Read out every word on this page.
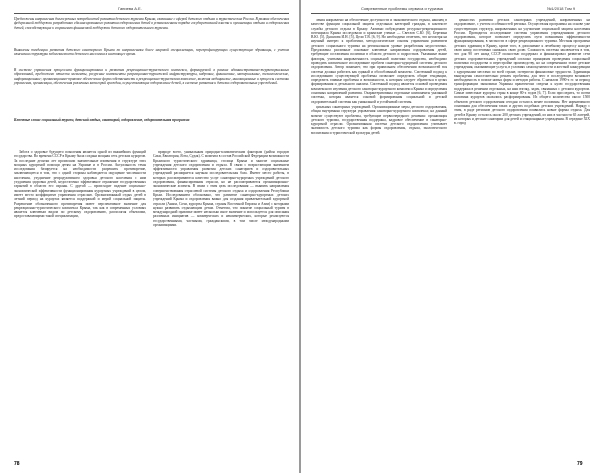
Ганиева А.Е.
Предложены направления долгосрочных потребностей развития детского туризма Крыма, связанные с сферой детского отдыха и туристических Россия. В рамках обеспечения федеральной поддержки разработано сбалансированного развития оздоровления детей в установленном порядке государственной власти и организации отдыха и оздоровления детей, способствующих к сохранению финансовой поддержки детского оздоровительного туризма.
Выявлены тенденции развития детского санаторного Крыма по направлениям более широкой специализации, перепрофилирующих существующие здравницы, с учетом изменения структуры заболеваемости детского населения в настоящее время.
В системе управления процессами функционирования и развития рекреационно-туристского комплекса, формируемой в рамках административно-территориальных образований, предложено отнести элементы, ресурсные компоненты рекреационно-туристской инфраструктуры, кадровые, финансовые, материальные, технологические, информационные; организационно-правовое обеспечение форм собственности в рекреационно-туристском комплексе, включая медицинские, инновационные и процессы системы управления, организации, обеспечения различных категорий граждан, осуществляющих оздоровление детей, в системе развития и детских оздоровительных учреждений.
Ключевые слова: социальный туризм, детский отдых, санаторий, оздоровление, оздоровительная программа

Забота о здоровье будущего поколения является одной из важнейших функций государства. Во времена СССР в Крыму была создана мощная сеть детских курортов. За последние десятки лет произошли значительные изменения в структуре этих мощных курортной помощи детям на Украине и в России. Актуальность темы исследования базируется на необходимости разрешить противоречие, заключающееся в том, что с одной стороны наблюдается ощущение численности населения, ухудшение репродуктивного здоровья детского населения с ним ухудшения здоровья детей, недостаточно эффективное отражение государственных гарантий в области его охраны. С другой — происходит падение социально-экономической эффективности функционирования курортных учреждений в целом, имеет место коэффициент управления отраслью. Организованный отдых детей в летний период на курортах является поддержкой и мерой социальной защиты. Разрешение обозначенного противоречия имеет перспективное значение для рекреационно-туристического комплекса Крыма, так как в современных условиях является ключевым видом по детскому оздоровлению, располагая объектами, предоставляющими такой специализации,

природе всего, уникальным природно-климатическим факторам (район городов Саки, Евпатория, Ялта, Судак). С момента в состав Российской Федерации возможности Крымского туристического здравница, столица Крыма и многие социальные учреждения детского оздоровления и отдыха. В связи с возрастающим значением эффективности управления развития детских санаториев и оздоровительных учреждений расширяется научная исследовательская база. Имеют место работы, в которых рассматриваются качество услуг санаторно-курортных учреждений детского оздоровления, финансирования отрасли, но не рассматриваются организационно-экономические аспекты. В связи с этим цель исследования — выявить направления совершенствования отраслевой системы детского отдыха и оздоровления Республики Крым. Исследованием обосновано, что развитие санаторно-курортных детских учреждений Крыма и оздоровления важно для создания привлекательной курортной отрасли (Анапа, Сочи, курорты Крыма, страны Восточной Европы и Азии) с которыми нужно развивать отдыхающим детям. Отметим, что понятие социальный туризм в международной практике имеет несколько иное значение и используется для описания различных инициатив — коммерческих и некоммерческих, которые реализуются государственными, частными, гражданскими, в том числе международными организациями.

78
Современные проблемы сервиса и туризма	№1/2018 Том 9

ления направлено на обеспечение доступности и экономического отдыха, наконец в качестве функции социальной защиты отдельных категорий граждан, в контексте службы детского отдыха в Крыму. Активно побуждению ресурсно-рекреационного потенциала Крыма исследовали и крымские ученые — Светлов С.Ю. [6], Березина В.Ю. [5], Дышлова И.Н. [5], Цели Т.В. [6, 9]. Но необходимо отметить, что несмотря на научный интерес к проблемам, методологические основы управления развитием детского социального туризма на региональном уровне разработаны недостаточно. Предложены различные основные ключевые направления оздоровления детей, требующие составления политики в области детского и подростков. Указанные выше факторы, учитывая направленность социальной политики государства, необходимо проводить комплексное исследование проблем санаторно-курортной системы детского оздоровления. Автор понимает, что при правильном обеспечении возможностей вся система должна работать как единый и обособленный комплекс. Системный подход к исследованию существующей проблемы позволяет определить общие тенденции, определить главные проблемы и возможности, к которым следует обратиться в целях формирования и детального анализа. Системный подход является основой проведения комплексного изучения детского санаторно-курортного комплекса Крыма и определения основных направлений развития. Охарактеризованы отдельные компоненты указанной системы, которая является основой формирования социальной и детской оздоровительной системы как уникальной и устойчивой системы.

циальных санаторных учреждений. Организационные меры детского оздоровления, общая внутренняя структура управления санаторно-курортного комплекса; на данный момент существуют проблемы, требующие первоочередного решения: организация детского туризма, государственная поддержка, кадровое обеспечение в санаторно-курортной отрасли. Организованная система детского оздоровления учитывает значимость детского туризма как формы оздоровления, отдыха, экологического воспитания и туристической культуры детей.

ценностях развития детских санаторных учреждений, направленных на оздоровление, с учетом особенностей региона. Осуществляя программы на основе уже существующих структур, направленных на улучшение социальной защиты населения России. Проводится исследование системы управления учреждениями детского оздоровления, которое позволяет определить пути повышения эффективности функционирования, в частности в сфере рекреационного туризма. Местная программа детских здравниц в Крыму, кроме того, в дополнение к лечебному процессу находят свою нишу, постепенно снижаясь свою долю. Сложность системы заключается в том, что для 90 лет назад СССР полностью поддержал и финансировал развитие сети детских оздоровительных учреждений согласно принципам проведения социальной политики государства и перестройке производству, но на современном этапе детские учреждения, оказывающие услуги, в условиях самоокупаемости и жесткой конкуренции с курортными местами по всей стране, потерпели финансовые трудности. Здравницы вынуждены самостоятельно решать проблемы, для чего в последующем возникает необходимость в поиске новых форм и методов работы. С началом 1990-х гг. за период трансформации экономики Украины практически сведена к нулю государственная поддержка в решении отдельных, на наш взгляд, задач, связанных с детским курортом. Самые известные курорты стран в конце 80-х годов [6, 7]. Если проследить, то почти половина курортов оказались расформированы. Из общего количества около 1500 объектов детского оздоровления сегодня осталось менее половины. Нет нормативного основания для обеспечения таких и других подобных детских учреждений. Наряду с этим, в ряде регионов детского оздоровления появились новые формы отдыха. Для детей в Крыму осталось около 200 детских учреждений, из них в частности 65 лагерей, из которых и детские санатории для детей и стационарные учреждения. В середине XIX в. город

79
